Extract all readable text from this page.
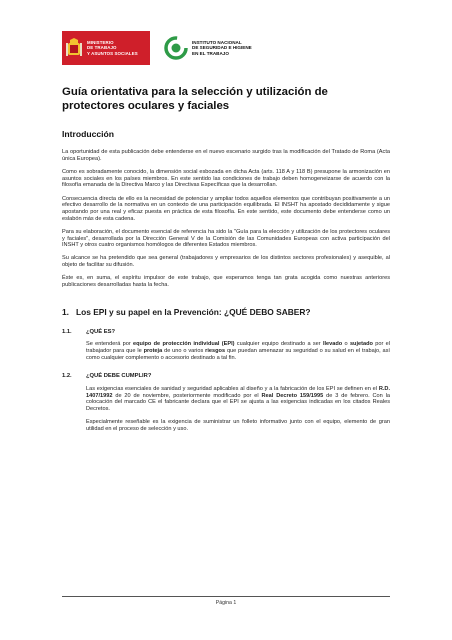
MINISTERIO
DE TRABAJO
Y ASUNTOS SOCIALES
INSTITUTO NACIONAL
DE SEGURIDAD E HIGIENE
EN EL TRABAJO
Guía orientativa para la selección y utilización de protectores oculares y faciales
Introducción

La oportunidad de esta publicación debe entenderse en el nuevo escenario surgido tras la modificación del Tratado de Roma (Acta única Europea).

Como es sobradamente conocido, la dimensión social esbozada en dicha Acta (arts. 118 A y 118 B) presupone la armonización en asuntos sociales en los países miembros. En este sentido las condiciones de trabajo deben homogeneizarse de acuerdo con la filosofía emanada de la Directiva Marco y las Directivas Específicas que la desarrollan.

Consecuencia directa de ello es la necesidad de potenciar y ampliar todos aquellos elementos que contribuyan positivamente a un efectivo desarrollo de la normativa en un contexto de una participación equilibrada. El INSHT ha apostado decididamente y sigue apostando por una real y eficaz puesta en práctica de esta filosofía. En este sentido, este documento debe entenderse como un eslabón más de esta cadena.

Para su elaboración, el documento esencial de referencia ha sido la "Guía para la elección y utilización de los protectores oculares y faciales", desarrollada por la Dirección General V de la Comisión de las Comunidades Europeas con activa participación del INSHT y otros cuatro organismos homólogos de diferentes Estados miembros.

Su alcance se ha pretendido que sea general (trabajadores y empresarios de los distintos sectores profesionales) y asequible, al objeto de facilitar su difusión.

Éste es, en suma, el espíritu impulsor de este trabajo, que esperamos tenga tan grata acogida como nuestras anteriores publicaciones desarrolladas hasta la fecha.

1. Los EPI y su papel en la Prevención: ¿QUÉ DEBO SABER?
1.1.	¿QUÉ ES?

Se entenderá por equipo de protección individual (EPI) cualquier equipo destinado a ser llevado o sujetado por el trabajador para que le proteja de uno o varios riesgos que puedan amenazar su seguridad o su salud en el trabajo, así como cualquier complemento o accesorio destinado a tal fin.

1.2.	¿QUÉ DEBE CUMPLIR?

Las exigencias esenciales de sanidad y seguridad aplicables al diseño y a la fabricación de los EPI se definen en el R.D. 1407/1992 de 20 de noviembre, posteriormente modificado por el Real Decreto 159/1995 de 3 de febrero. Con la colocación del marcado CE el fabricante declara que el EPI se ajusta a las exigencias indicadas en los citados Reales Decretos.

Especialmente reseñable es la exigencia de suministrar un folleto informativo junto con el equipo, elemento de gran utilidad en el proceso de selección y uso.

Página 1
